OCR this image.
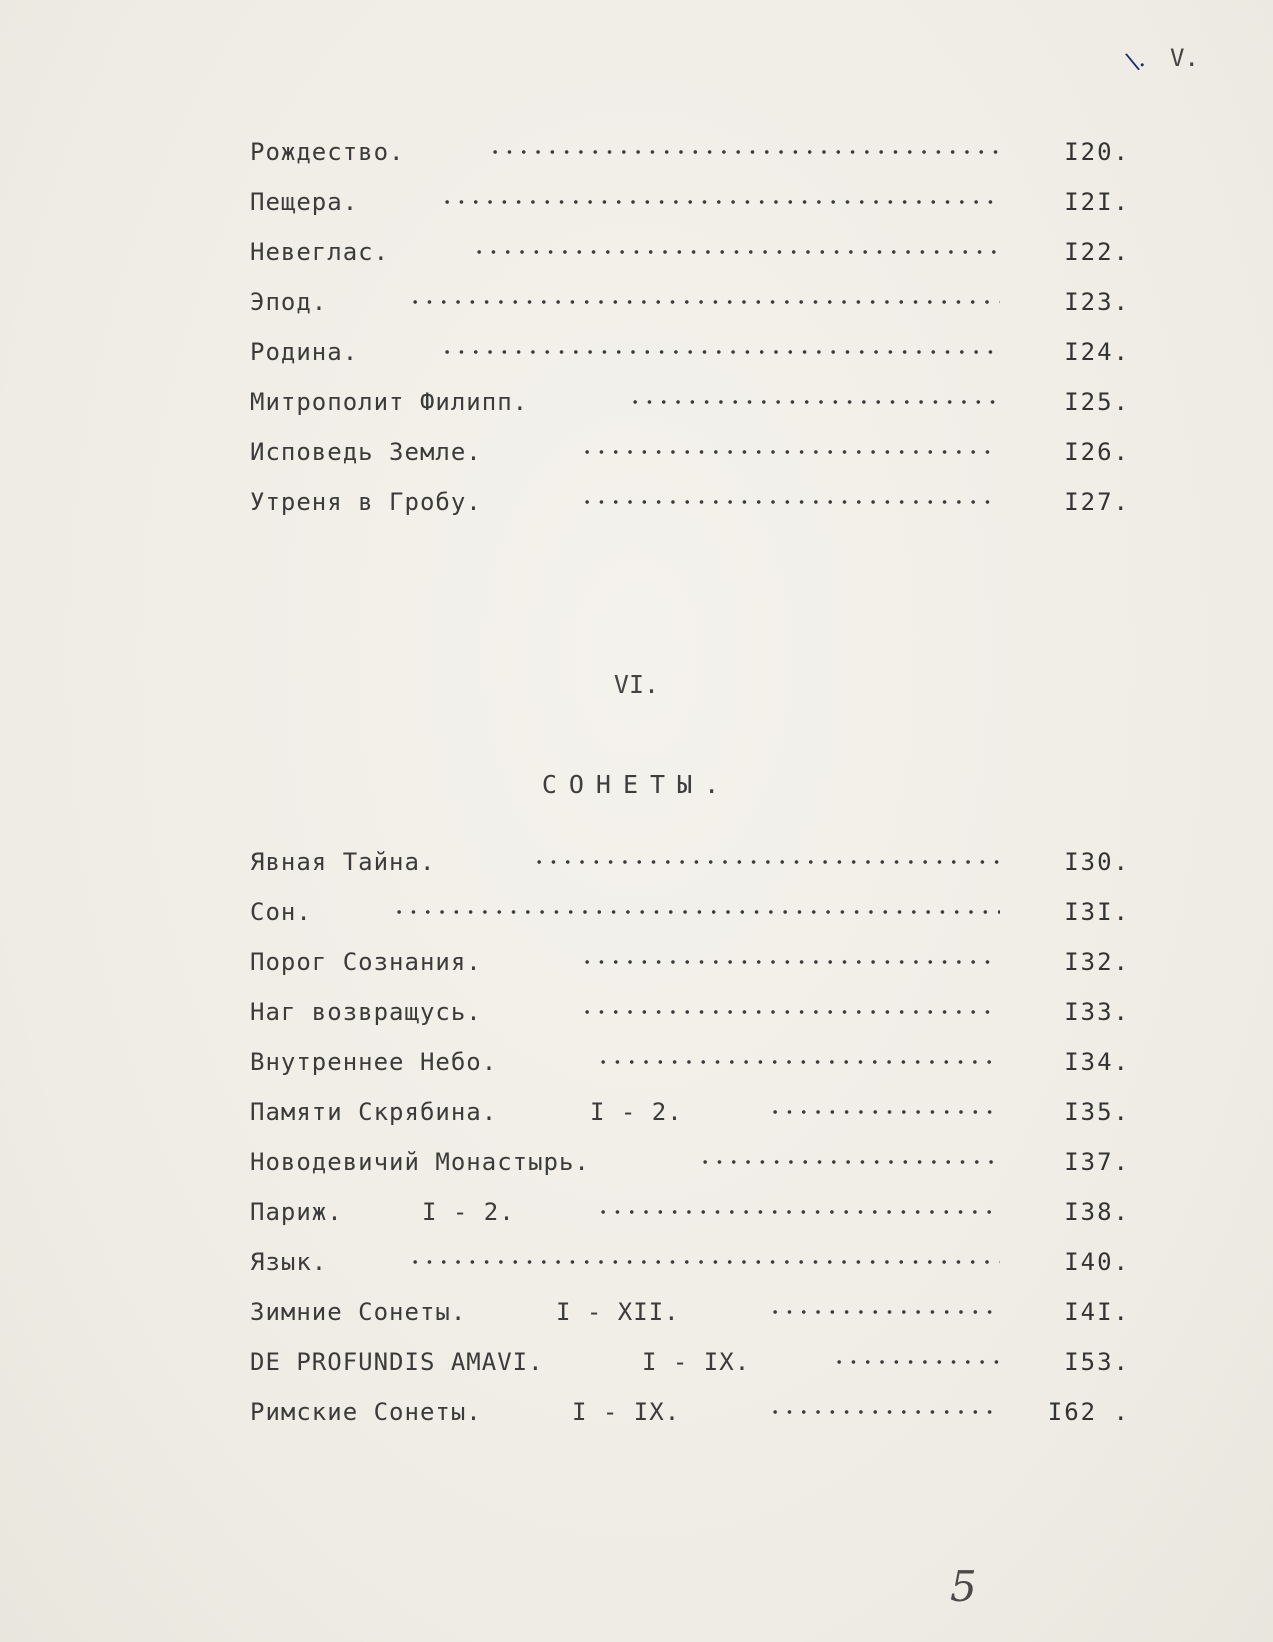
\. V.
Рождество.	I20.
Пещера.	I2I.
Невеглас.	I22.
Эпод.	I23.
Родина.	I24.
Митрополит Филипп.	I25.
Исповедь Земле.	I26.
Утреня в Гробу.	I27.
VI.
СОНЕТЫ.
Явная Тайна.	I30.
Сон.	I3I.
Порог Сознания.	I32.
Наг возвращусь.	I33.
Внутреннее Небо.	I34.
Памяти Скрябина.	I - 2.	I35.
Новодевичий Монастырь.	I37.
Париж.	I - 2.	I38.
Язык.	I40.
Зимние Сонеты.	I - XII.	I4I.
DE PROFUNDIS AMAVI.	I - IX.	I53.
Римские Сонеты.	I - IX.	I62 .
5
